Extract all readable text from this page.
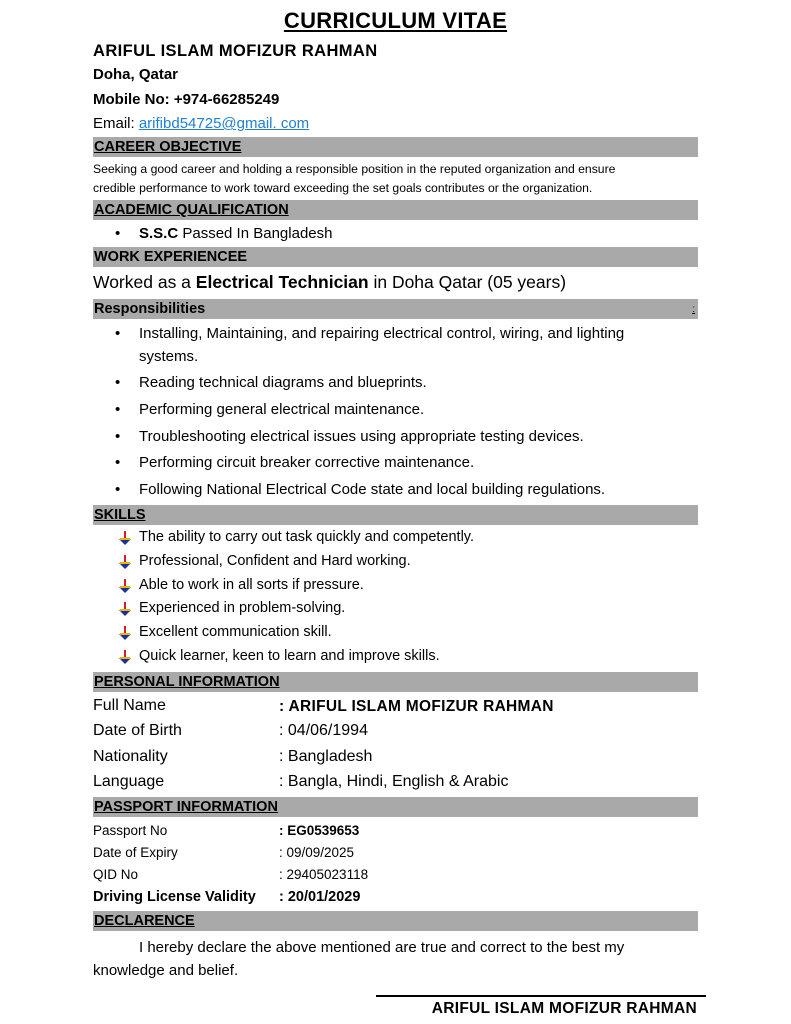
CURRICULUM VITAE
ARIFUL ISLAM MOFIZUR RAHMAN
Doha, Qatar
Mobile No: +974-66285249
Email: arifibd54725@gmail. com
CAREER OBJECTIVE
Seeking a good career and holding a responsible position in the reputed organization and ensure
credible performance to work toward exceeding the set goals contributes or the organization.
ACADEMIC QUALIFICATION
• S.S.C Passed In Bangladesh
WORK EXPERIENCEE
Worked as a Electrical Technician in Doha Qatar (05 years)
Responsibilities	:
• Installing, Maintaining, and repairing electrical control, wiring, and lighting
systems.
• Reading technical diagrams and blueprints.
• Performing general electrical maintenance.
• Troubleshooting electrical issues using appropriate testing devices.
• Performing circuit breaker corrective maintenance.
• Following National Electrical Code state and local building regulations.
SKILLS
The ability to carry out task quickly and competently.
Professional, Confident and Hard working.
Able to work in all sorts if pressure.
Experienced in problem-solving.
Excellent communication skill.
Quick learner, keen to learn and improve skills.
PERSONAL INFORMATION
Full Name	: ARIFUL ISLAM MOFIZUR RAHMAN
Date of Birth	: 04/06/1994
Nationality	: Bangladesh
Language	: Bangla, Hindi, English & Arabic
PASSPORT INFORMATION
Passport No	: EG0539653
Date of Expiry	: 09/09/2025
QID No	: 29405023118
Driving License Validity : 20/01/2029
DECLARENCE
I hereby declare the above mentioned are true and correct to the best my
knowledge and belief.
ARIFUL ISLAM MOFIZUR RAHMAN
